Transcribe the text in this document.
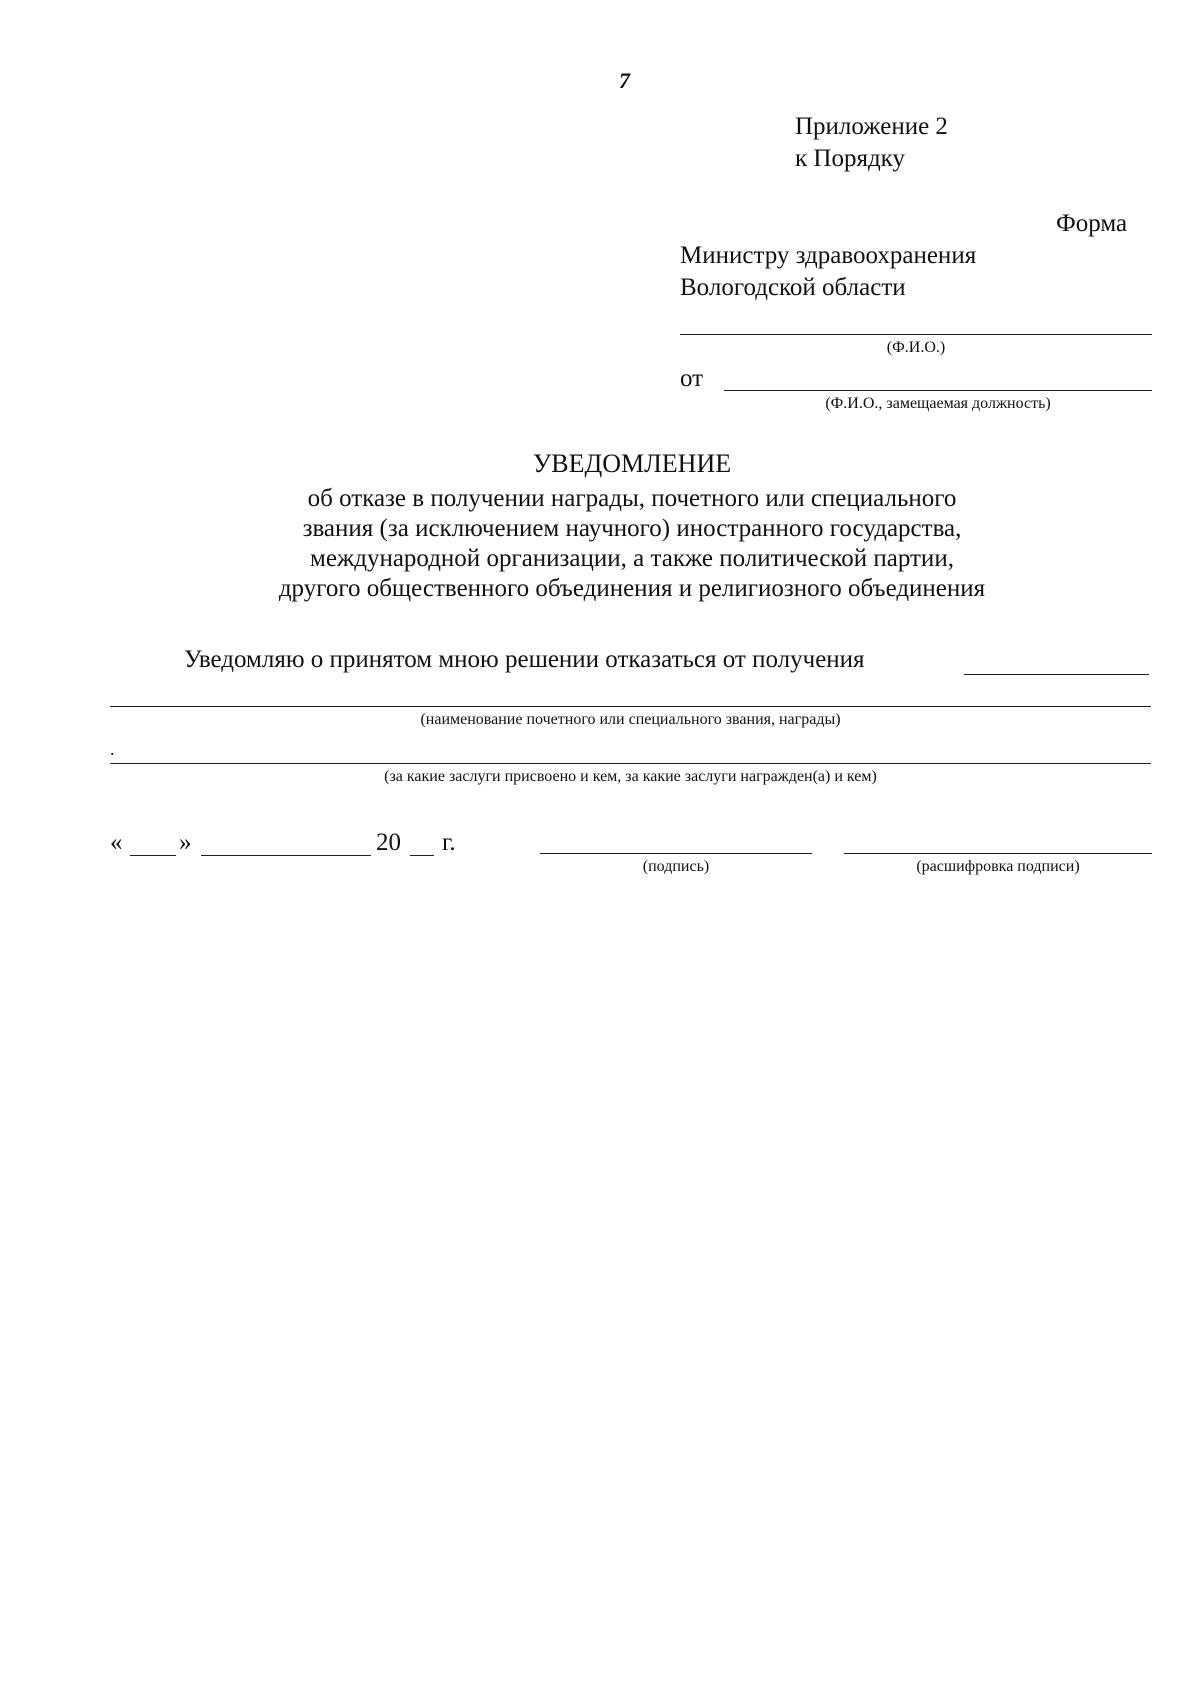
7
Приложение 2
к Порядку
Форма
Министру здравоохранения
Вологодской области
(Ф.И.О.)
от
(Ф.И.О., замещаемая должность)
УВЕДОМЛЕНИЕ
об отказе в получении награды, почетного или специального
звания (за исключением научного) иностранного государства,
международной организации, а также политической партии,
другого общественного объединения и религиозного объединения
Уведомляю о принятом мною решении отказаться от получения
(наименование почетного или специального звания, награды)
.
(за какие заслуги присвоено и кем, за какие заслуги награжден(а) и кем)
« »	20 г.
(подпись)	(расшифровка подписи)
